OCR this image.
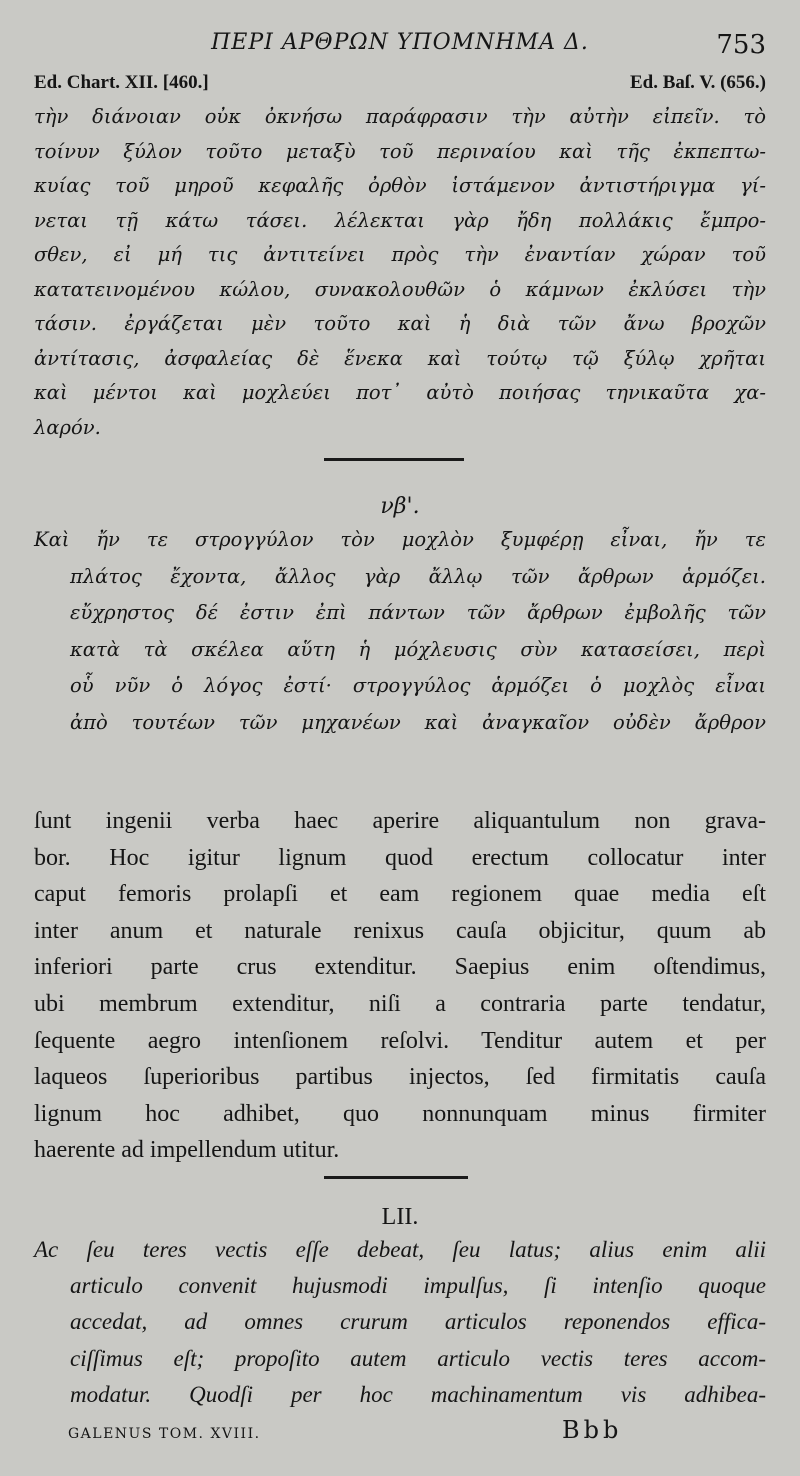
ΠΕΡΙ ΑΡΘΡΩΝ ΥΠΟΜΝΗΜΑ Δ.	753
Ed. Chart. XII. [460.]	Ed. Baſ. V. (656.)
τὴν διάνοιαν οὐκ ὀκνήσω παράφρασιν τὴν αὐτὴν εἰπεῖν. τὸ
τοίνυν ξύλον τοῦτο μεταξὺ τοῦ περιναίου καὶ τῆς ἐκπεπτω-
κυίας τοῦ μηροῦ κεφαλῆς ὀρθὸν ἱστάμενον ἀντιστήριγμα γί-
νεται τῇ κάτω τάσει. λέλεκται γὰρ ἤδη πολλάκις ἔμπρο-
σθεν, εἰ μή τις ἀντιτείνει πρὸς τὴν ἐναντίαν χώραν τοῦ
κατατεινομένου κώλου, συνακολουθῶν ὁ κάμνων ἐκλύσει τὴν
τάσιν. ἐργάζεται μὲν τοῦτο καὶ ἡ διὰ τῶν ἄνω βροχῶν
ἀντίτασις, ἀσφαλείας δὲ ἕνεκα καὶ τούτῳ τῷ ξύλῳ χρῆται
καὶ μέντοι καὶ μοχλεύει ποτ᾽ αὐτὸ ποιήσας τηνικαῦτα χα-
λαρόν.
νβ'.
Καὶ ἤν τε στρογγύλον τὸν μοχλὸν ξυμφέρῃ εἶναι, ἤν τε
πλάτος ἔχοντα, ἄλλος γὰρ ἄλλῳ τῶν ἄρθρων ἁρμόζει.
εὔχρηστος δέ ἐστιν ἐπὶ πάντων τῶν ἄρθρων ἐμβολῆς τῶν
κατὰ τὰ σκέλεα αὕτη ἡ μόχλευσις σὺν κατασείσει, περὶ
οὗ νῦν ὁ λόγος ἐστί· στρογγύλος ἁρμόζει ὁ μοχλὸς εἶναι
ἀπὸ τουτέων τῶν μηχανέων καὶ ἀναγκαῖον οὐδὲν ἄρθρον
ſunt ingenii verba haec aperire aliquantulum non grava-
bor. Hoc igitur lignum quod erectum collocatur inter
caput femoris prolapſi et eam regionem quae media eſt
inter anum et naturale renixus cauſa objicitur, quum ab
inferiori parte crus extenditur. Saepius enim oſtendimus,
ubi membrum extenditur, niſi a contraria parte tendatur,
ſequente aegro intenſionem reſolvi. Tenditur autem et per
laqueos ſuperioribus partibus injectos, ſed firmitatis cauſa
lignum hoc adhibet, quo nonnunquam minus firmiter
haerente ad impellendum utitur.
LII.
Ac ſeu teres vectis eſſe debeat, ſeu latus; alius enim alii
articulo convenit hujusmodi impulſus, ſi intenſio quoque
accedat, ad omnes crurum articulos reponendos effica-
ciſſimus eſt; propoſito autem articulo vectis teres accom-
modatur. Quodſi per hoc machinamentum vis adhibea-
GALENUS TOM. XVIII.	Bbb
